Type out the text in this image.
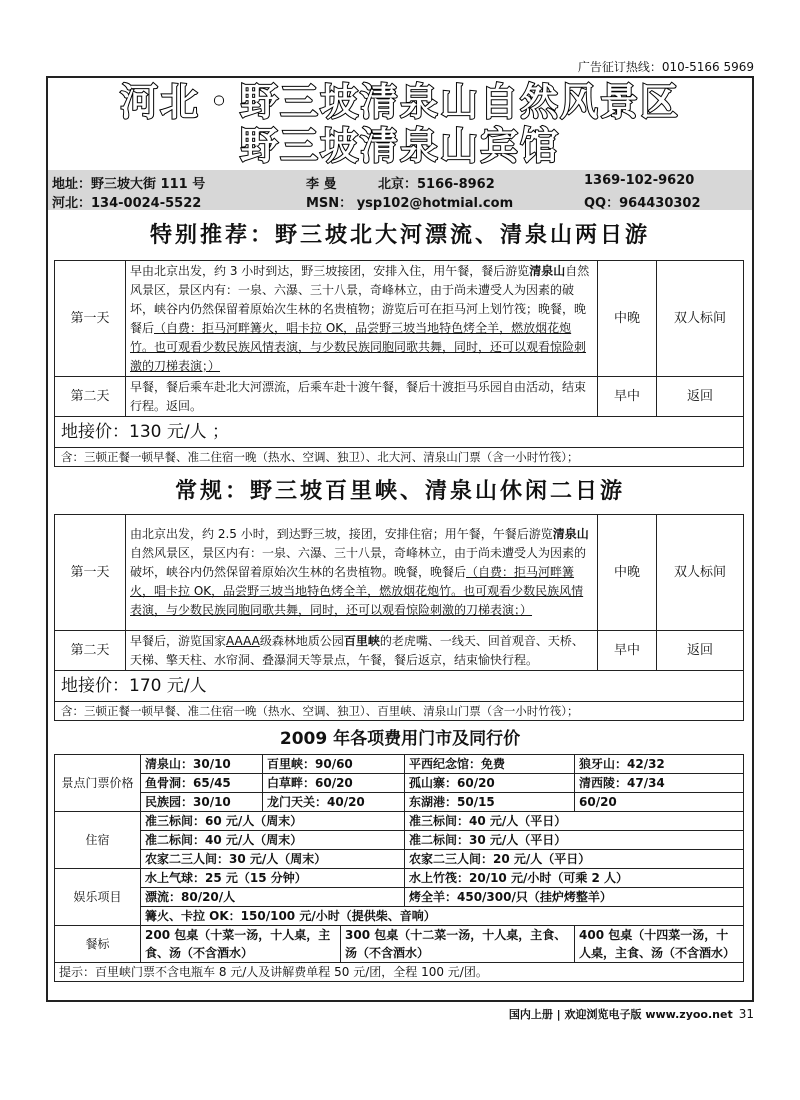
广告征订热线：010-5166 5969
河北・野三坡清泉山自然风景区
野三坡清泉山宾馆
地址：野三坡大街 111 号	李 曼	北京：5166-8962	1369-102-9620
河北：134-0024-5522	MSN： ysp102@hotmial.com	QQ：964430302
特别推荐：野三坡北大河漂流、清泉山两日游
第一天	早由北京出发，约 3 小时到达，野三坡接团，安排入住，用午餐，餐后游览清泉山自然风景区，景区内有：一泉、六瀑、三十八景，奇峰林立，由于尚未遭受人为因素的破坏，峡谷内仍然保留着原始次生林的名贵植物；游览后可在拒马河上划竹筏；晚餐，晚餐后（自费：拒马河畔篝火，唱卡拉 OK，品尝野三坡当地特色烤全羊，燃放烟花炮竹。也可观看少数民族风情表演，与少数民族同胞同歌共舞，同时，还可以观看惊险刺激的刀梯表演；）	中晚	双人标间
第二天	早餐，餐后乘车赴北大河漂流，后乘车赴十渡午餐，餐后十渡拒马乐园自由活动，结束行程。返回。	早中	返回
地接价：130 元/人 ；
含：三顿正餐一顿早餐、准二住宿一晚（热水、空调、独卫）、北大河、清泉山门票（含一小时竹筏）；
常规：野三坡百里峡、清泉山休闲二日游
第一天	由北京出发，约 2.5 小时，到达野三坡，接团，安排住宿；用午餐，午餐后游览清泉山自然风景区，景区内有：一泉、六瀑、三十八景，奇峰林立，由于尚未遭受人为因素的破坏，峡谷内仍然保留着原始次生林的名贵植物。晚餐，晚餐后（自费：拒马河畔篝火，唱卡拉 OK，品尝野三坡当地特色烤全羊，燃放烟花炮竹。也可观看少数民族风情表演，与少数民族同胞同歌共舞，同时，还可以观看惊险刺激的刀梯表演；）	中晚	双人标间
第二天	早餐后，游览国家AAAA级森林地质公园百里峡的老虎嘴、一线天、回首观音、天桥、天梯、擎天柱、水帘洞、叠瀑洞天等景点，午餐，餐后返京，结束愉快行程。	早中	返回
地接价：170 元/人
含：三顿正餐一顿早餐、准二住宿一晚（热水、空调、独卫）、百里峡、清泉山门票（含一小时竹筏）；
2009 年各项费用门市及同行价
景点门票价格	清泉山：30/10	百里峡：90/60		平西纪念馆：免费	狼牙山：42/32
	鱼骨洞：65/45	白草畔：60/20		孤山寨：60/20	清西陵：47/34
	民族园：30/10	龙门天关：40/20		东湖港：50/15	60/20
住宿	准三标间：60 元/人（周末）			准三标间：40 元/人（平日）	
	准二标间：40 元/人（周末）			准二标间：30 元/人（平日）	
	农家二三人间：30 元/人（周末）			农家二三人间：20 元/人（平日）	
娱乐项目	水上气球：25 元（15 分钟）			水上竹筏：20/10 元/小时（可乘 2 人）	
	漂流：80/20/人			烤全羊：450/300/只（挂炉烤整羊）	
	篝火、卡拉 OK：150/100 元/小时（提供柴、音响）				
餐标	200 包桌（十菜一汤，十人桌，主食、汤（不含酒水）		300 包桌（十二菜一汤，十人桌，主食、汤（不含酒水）		400 包桌（十四菜一汤，十人桌，主食、汤（不含酒水）
提示：百里峡门票不含电瓶车 8 元/人及讲解费单程 50 元/团，全程 100 元/团。					
国内上册 | 欢迎浏览电子版 www.zyoo.net 31
